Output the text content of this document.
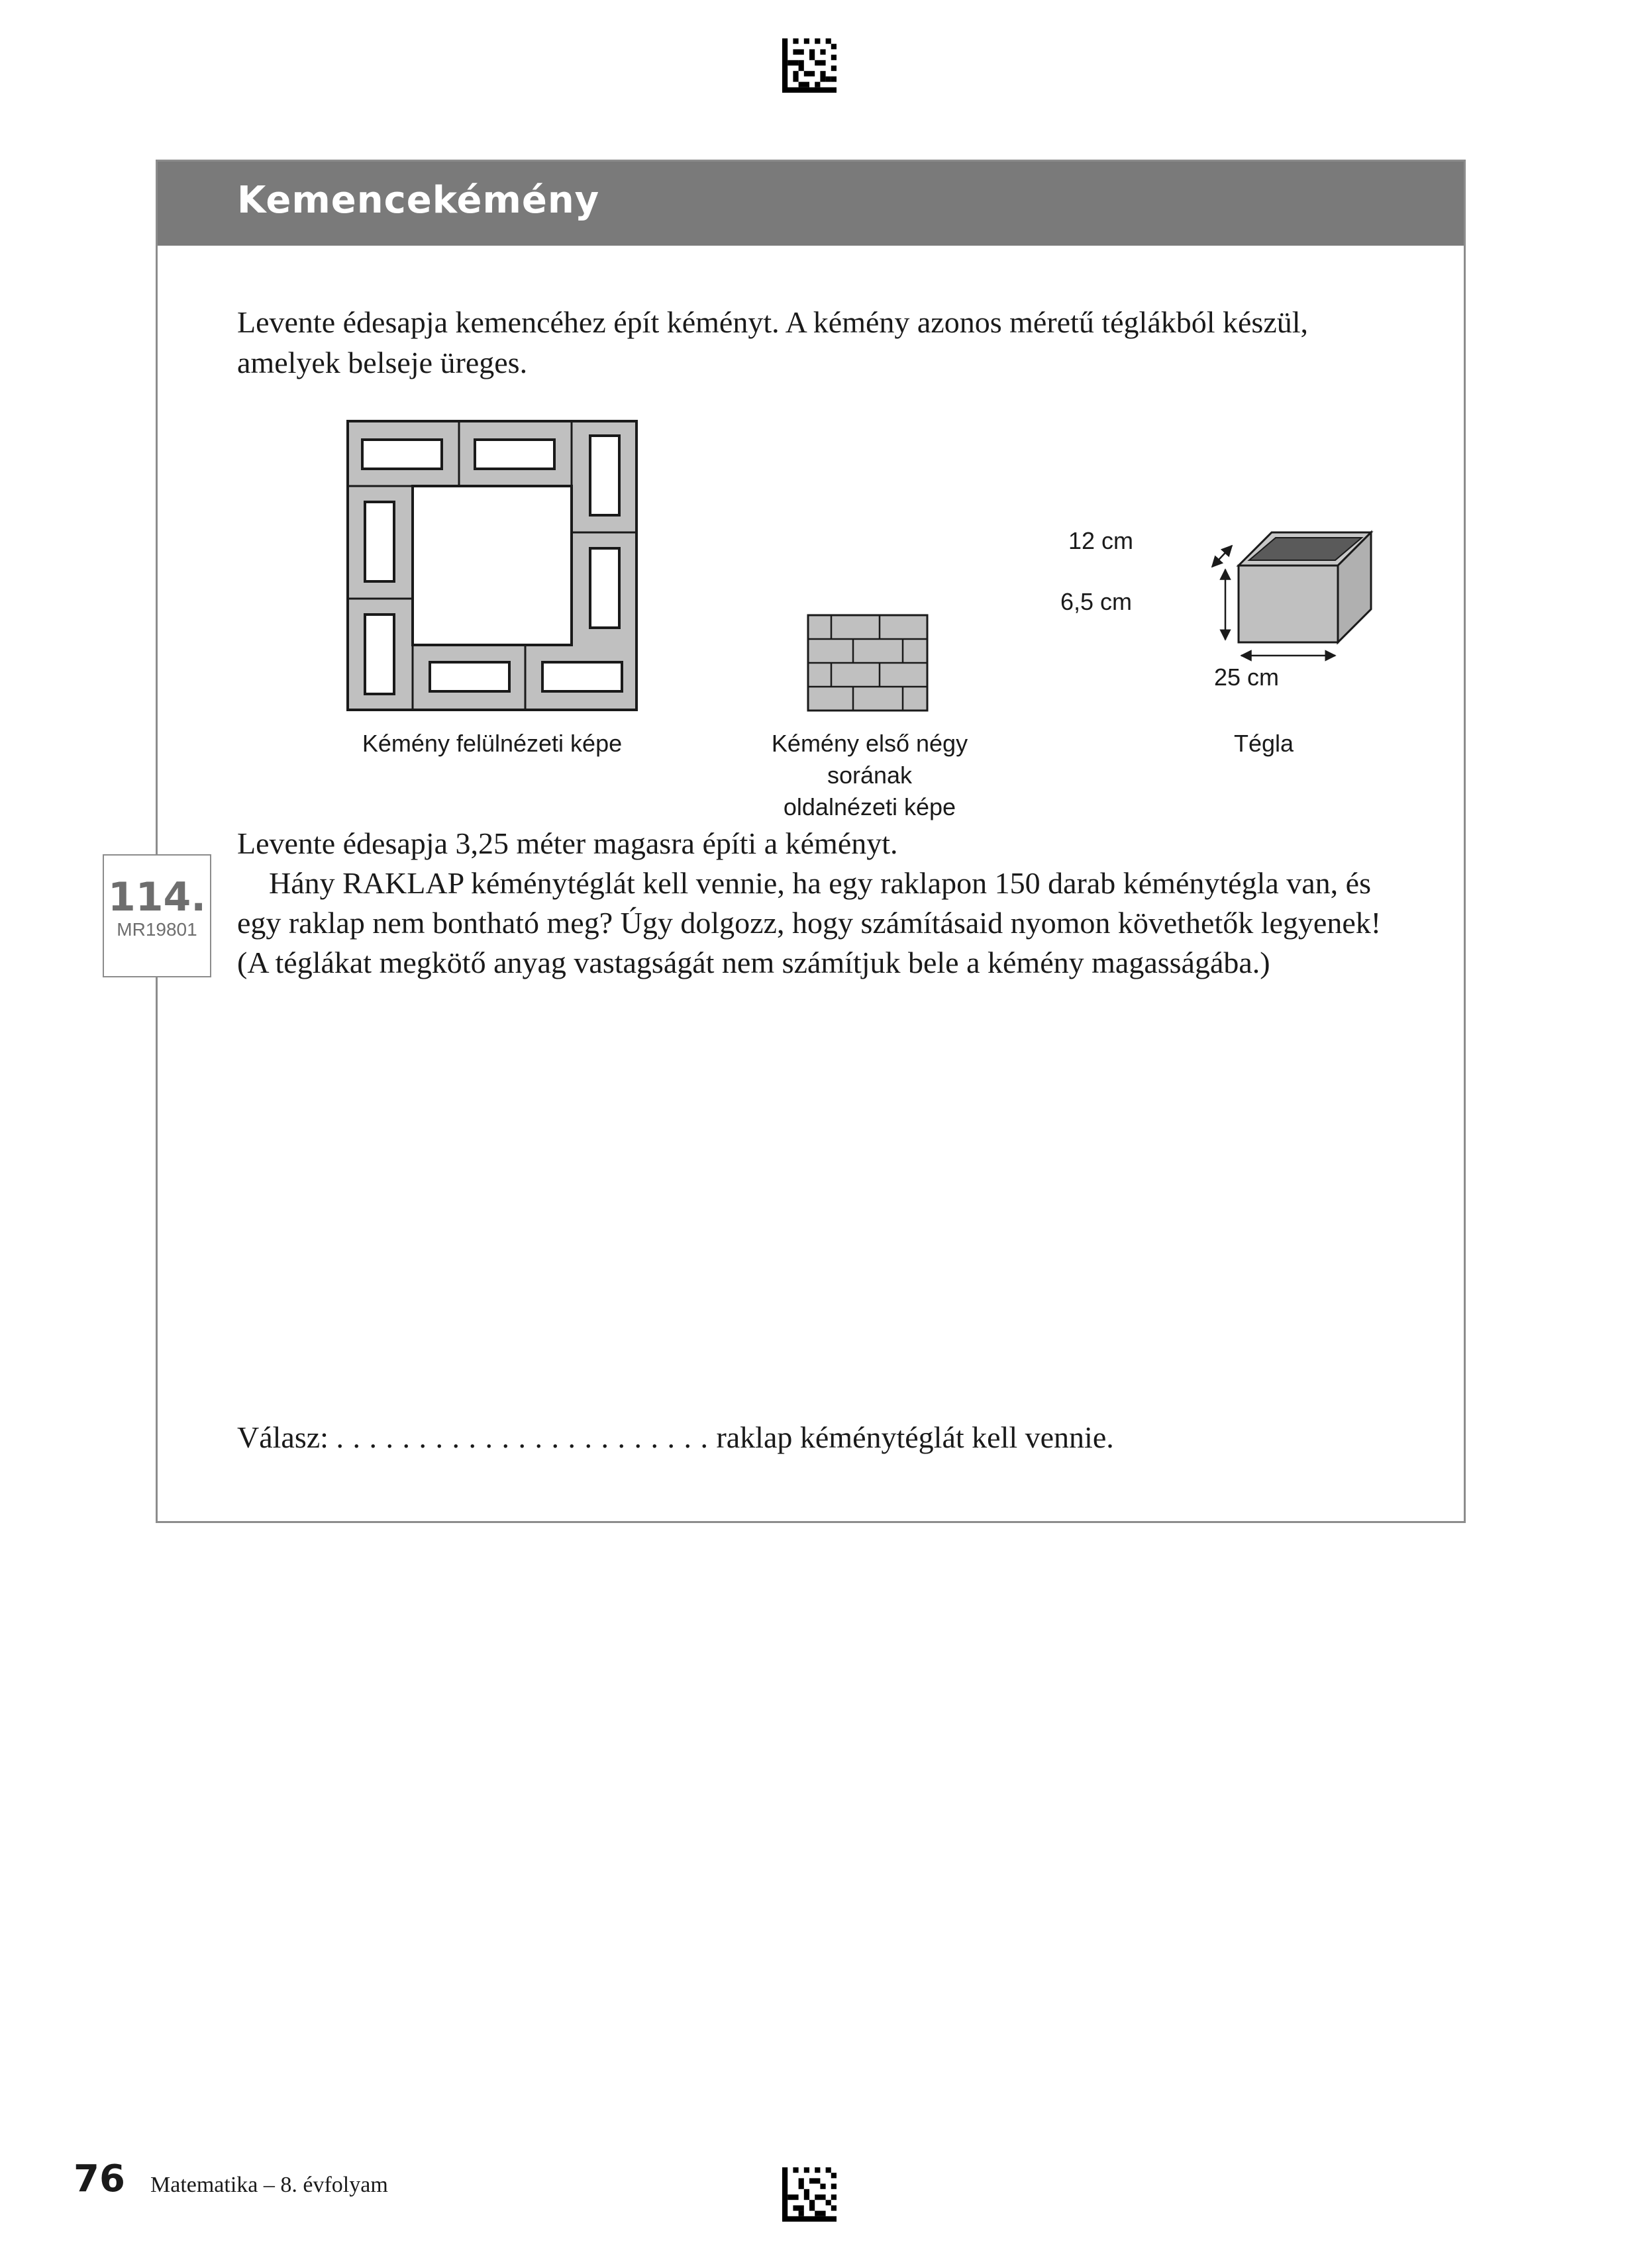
Kemencekémény

Levente édesapja kemencéhez épít kéményt. A kémény azonos méretű téglákból készül,

amelyek belseje üreges.

Kémény felülnézeti képe	Kémény első négy sorának
oldalnézeti képe
12 cm
6,5 cm
25 cm
Tégla

Levente édesapja 3,25 méter magasra építi a kéményt.

Hány RAKLAP kéménytéglát kell vennie, ha egy raklapon 150 darab kéménytégla van, és

egy raklap nem bontható meg? Úgy dolgozz, hogy számításaid nyomon követhetők legyenek!

(A téglákat megkötő anyag vastagságát nem számítjuk bele a kémény magasságába.)

Válasz: . . . . . . . . . . . . . . . . . . . . . . . raklap kéménytéglát kell vennie.
114.
MR19801
76 Matematika – 8. évfolyam
